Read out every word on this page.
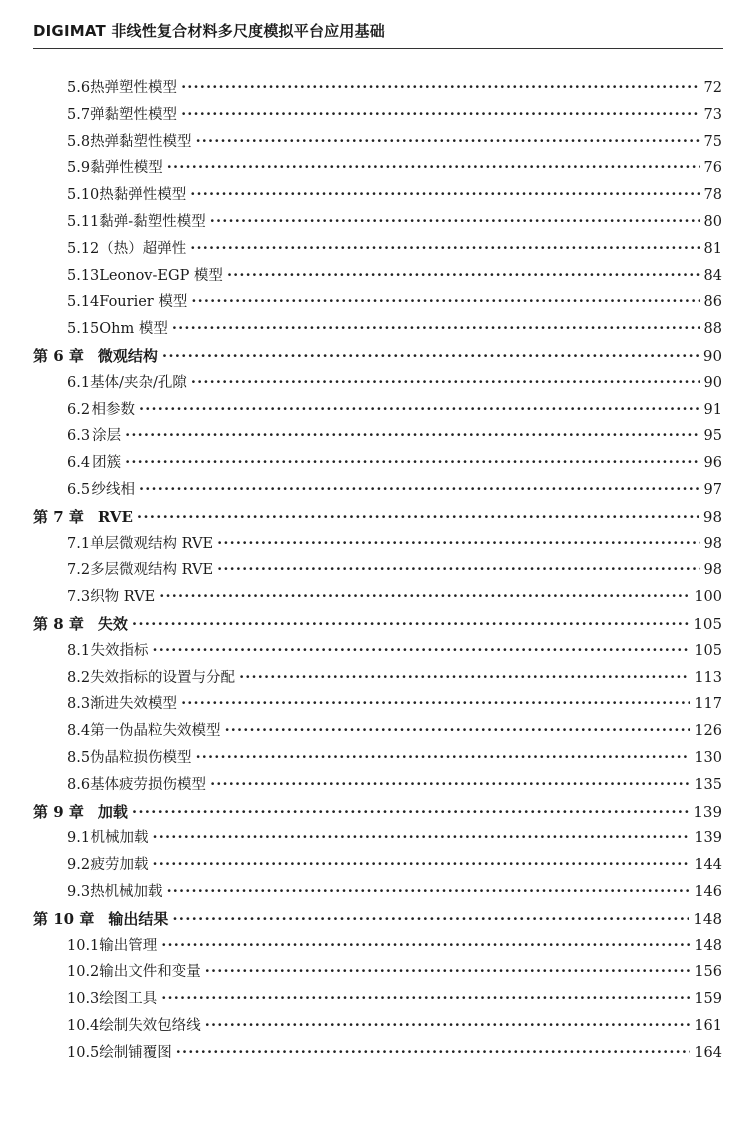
DIGIMAT 非线性复合材料多尺度模拟平台应用基础
5.6 热弹塑性模型 ·····	72
5.7 弹黏塑性模型 ·····	73
5.8 热弹黏塑性模型 ·····	75
5.9 黏弹性模型 ·····	76
5.10 热黏弹性模型 ·····	78
5.11 黏弹-黏塑性模型 ·····	80
5.12 （热）超弹性 ·····	81
5.13 Leonov-EGP 模型 ·····	84
5.14 Fourier 模型 ·····	86
5.15 Ohm 模型 ·····	88
第 6 章 微观结构 ·····	90
6.1 基体/夹杂/孔隙 ·····	90
6.2 相参数 ·····	91
6.3 涂层 ·····	95
6.4 团簇 ·····	96
6.5 纱线相 ·····	97
第 7 章 RVE ·····	98
7.1 单层微观结构 RVE ·····	98
7.2 多层微观结构 RVE ·····	98
7.3 织物 RVE ·····	100
第 8 章 失效 ·····	105
8.1 失效指标 ·····	105
8.2 失效指标的设置与分配 ·····	113
8.3 渐进失效模型 ·····	117
8.4 第一伪晶粒失效模型 ·····	126
8.5 伪晶粒损伤模型 ·····	130
8.6 基体疲劳损伤模型 ·····	135
第 9 章 加载 ·····	139
9.1 机械加载 ·····	139
9.2 疲劳加载 ·····	144
9.3 热机械加载 ·····	146
第 10 章 输出结果 ·····	148
10.1 输出管理 ·····	148
10.2 输出文件和变量 ·····	156
10.3 绘图工具 ·····	159
10.4 绘制失效包络线 ·····	161
10.5 绘制铺覆图 ·····	164
